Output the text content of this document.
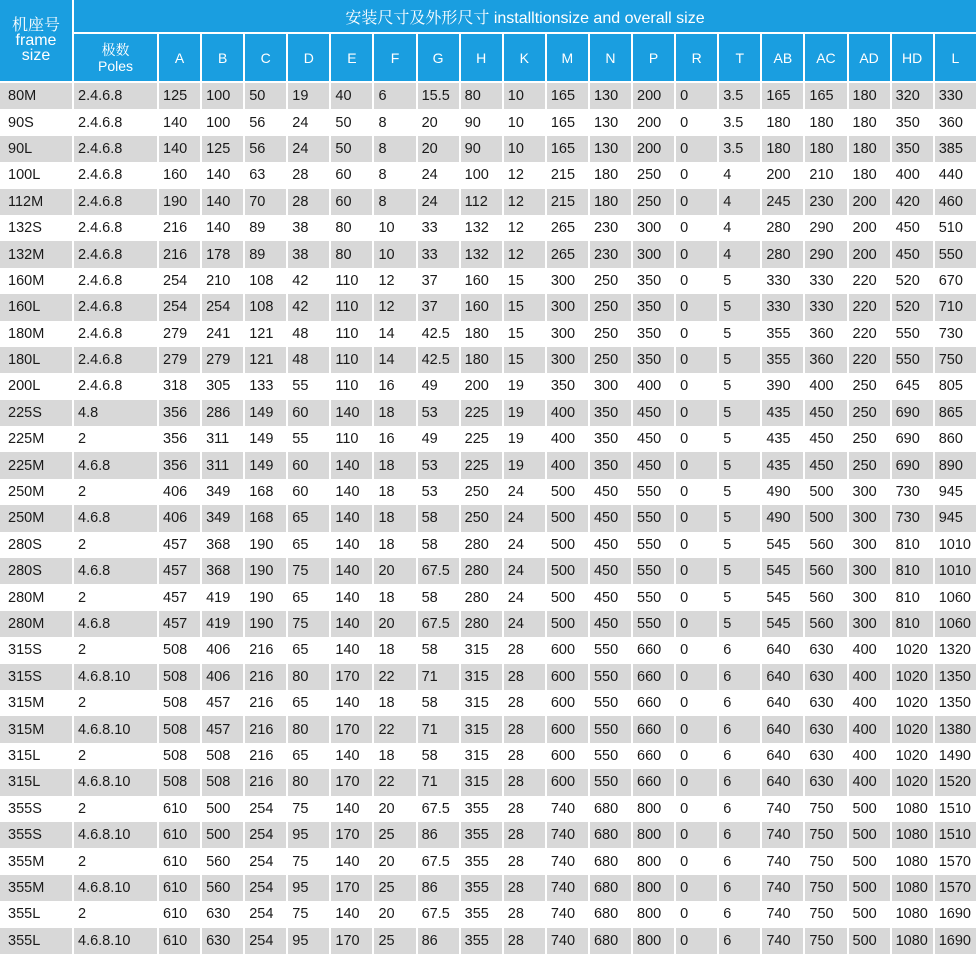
机座号
frame size	安装尺寸及外形尺寸 installtionsize and overall size																			

	极数
Poles	A	B	C	D	E	F	G	H	K	M	N	P	R	T	AB	AC	AD	HD	L
80M	2.4.6.8	125	100	50	19	40	6	15.5	80	10	165	130	200	0	3.5	165	165	180	320	330
90S	2.4.6.8	140	100	56	24	50	8	20	90	10	165	130	200	0	3.5	180	180	180	350	360
90L	2.4.6.8	140	125	56	24	50	8	20	90	10	165	130	200	0	3.5	180	180	180	350	385
100L	2.4.6.8	160	140	63	28	60	8	24	100	12	215	180	250	0	4	200	210	180	400	440
112M	2.4.6.8	190	140	70	28	60	8	24	112	12	215	180	250	0	4	245	230	200	420	460
132S	2.4.6.8	216	140	89	38	80	10	33	132	12	265	230	300	0	4	280	290	200	450	510
132M	2.4.6.8	216	178	89	38	80	10	33	132	12	265	230	300	0	4	280	290	200	450	550
160M	2.4.6.8	254	210	108	42	110	12	37	160	15	300	250	350	0	5	330	330	220	520	670
160L	2.4.6.8	254	254	108	42	110	12	37	160	15	300	250	350	0	5	330	330	220	520	710
180M	2.4.6.8	279	241	121	48	110	14	42.5	180	15	300	250	350	0	5	355	360	220	550	730
180L	2.4.6.8	279	279	121	48	110	14	42.5	180	15	300	250	350	0	5	355	360	220	550	750
200L	2.4.6.8	318	305	133	55	110	16	49	200	19	350	300	400	0	5	390	400	250	645	805
225S	4.8	356	286	149	60	140	18	53	225	19	400	350	450	0	5	435	450	250	690	865
225M	2	356	311	149	55	110	16	49	225	19	400	350	450	0	5	435	450	250	690	860
225M	4.6.8	356	311	149	60	140	18	53	225	19	400	350	450	0	5	435	450	250	690	890
250M	2	406	349	168	60	140	18	53	250	24	500	450	550	0	5	490	500	300	730	945
250M	4.6.8	406	349	168	65	140	18	58	250	24	500	450	550	0	5	490	500	300	730	945
280S	2	457	368	190	65	140	18	58	280	24	500	450	550	0	5	545	560	300	810	1010
280S	4.6.8	457	368	190	75	140	20	67.5	280	24	500	450	550	0	5	545	560	300	810	1010
280M	2	457	419	190	65	140	18	58	280	24	500	450	550	0	5	545	560	300	810	1060
280M	4.6.8	457	419	190	75	140	20	67.5	280	24	500	450	550	0	5	545	560	300	810	1060
315S	2	508	406	216	65	140	18	58	315	28	600	550	660	0	6	640	630	400	1020	1320
315S	4.6.8.10	508	406	216	80	170	22	71	315	28	600	550	660	0	6	640	630	400	1020	1350
315M	2	508	457	216	65	140	18	58	315	28	600	550	660	0	6	640	630	400	1020	1350
315M	4.6.8.10	508	457	216	80	170	22	71	315	28	600	550	660	0	6	640	630	400	1020	1380
315L	2	508	508	216	65	140	18	58	315	28	600	550	660	0	6	640	630	400	1020	1490
315L	4.6.8.10	508	508	216	80	170	22	71	315	28	600	550	660	0	6	640	630	400	1020	1520
355S	2	610	500	254	75	140	20	67.5	355	28	740	680	800	0	6	740	750	500	1080	1510
355S	4.6.8.10	610	500	254	95	170	25	86	355	28	740	680	800	0	6	740	750	500	1080	1510
355M	2	610	560	254	75	140	20	67.5	355	28	740	680	800	0	6	740	750	500	1080	1570
355M	4.6.8.10	610	560	254	95	170	25	86	355	28	740	680	800	0	6	740	750	500	1080	1570
355L	2	610	630	254	75	140	20	67.5	355	28	740	680	800	0	6	740	750	500	1080	1690
355L	4.6.8.10	610	630	254	95	170	25	86	355	28	740	680	800	0	6	740	750	500	1080	1690
